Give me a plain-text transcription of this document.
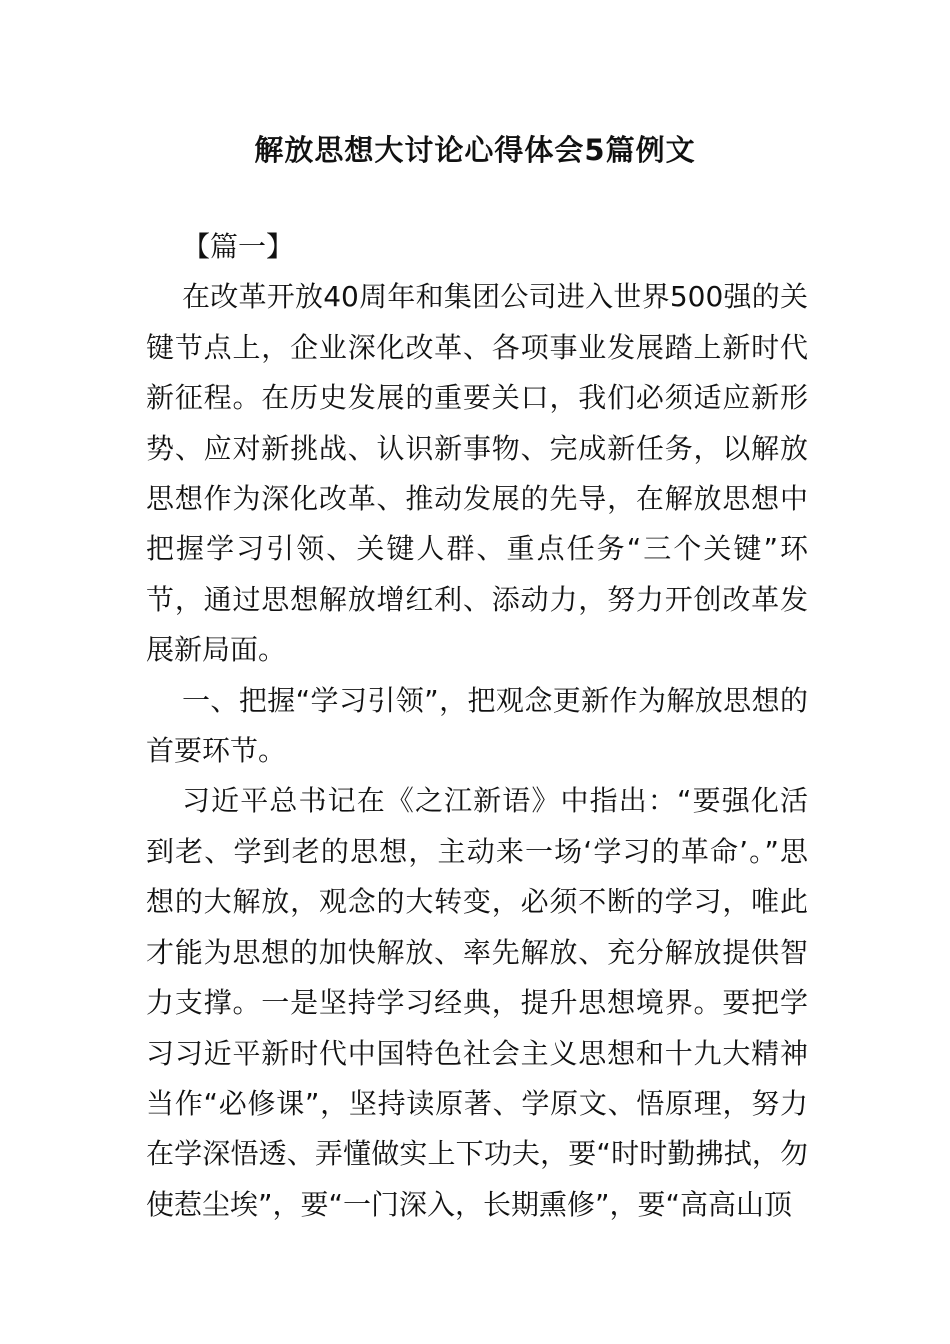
解放思想大讨论心得体会5篇例文

【篇一】

在改革开放40周年和集团公司进入世界500强的关键节点上，企业深化改革、各项事业发展踏上新时代新征程。在历史发展的重要关口，我们必须适应新形势、应对新挑战、认识新事物、完成新任务，以解放思想作为深化改革、推动发展的先导，在解放思想中把握学习引领、关键人群、重点任务“三个关键”环节，通过思想解放增红利、添动力，努力开创改革发展新局面。

一、把握“学习引领”，把观念更新作为解放思想的首要环节。

习近平总书记在《之江新语》中指出：“要强化活到老、学到老的思想，主动来一场‘学习的革命’。”思想的大解放，观念的大转变，必须不断的学习，唯此才能为思想的加快解放、率先解放、充分解放提供智力支撑。一是坚持学习经典，提升思想境界。要把学习习近平新时代中国特色社会主义思想和十九大精神当作“必修课”，坚持读原著、学原文、悟原理，努力在学深悟透、弄懂做实上下功夫，要“时时勤拂拭，勿使惹尘埃”，要“一门深入，长期熏修”，要“高高山顶
